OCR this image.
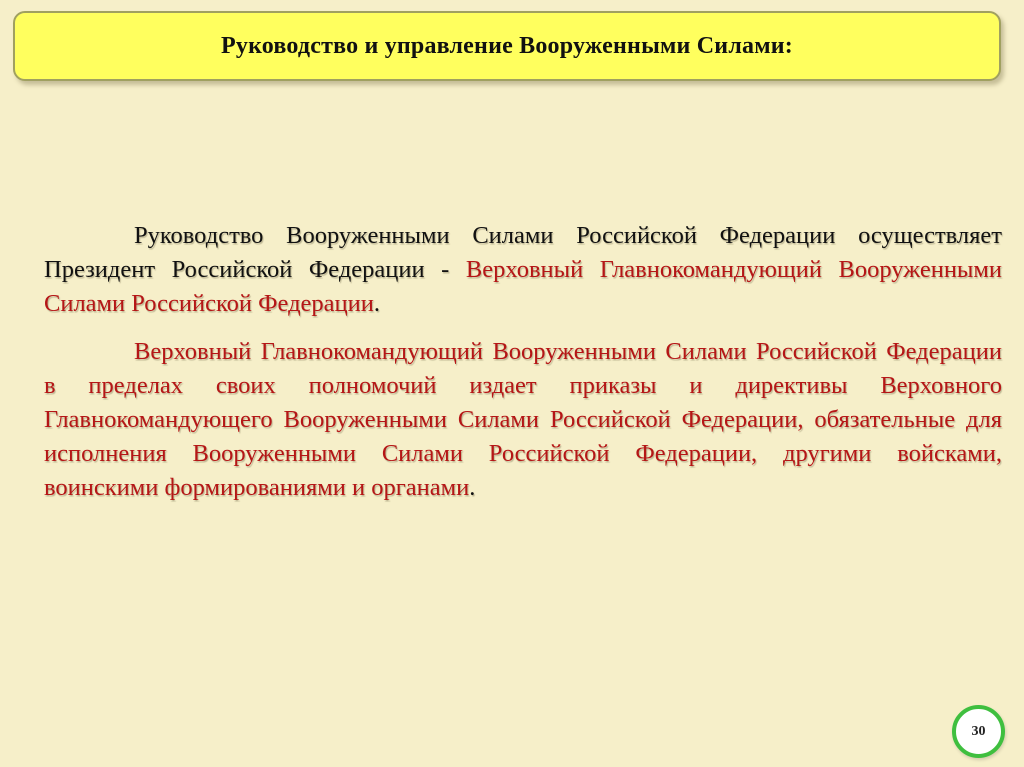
Руководство и управление Вооруженными Силами:

Руководство Вооруженными Силами Российской Федерации осуществляет Президент Российской Федерации - Верховный Главнокомандующий Вооруженными Силами Российской Федерации.

Верховный Главнокомандующий Вооруженными Силами Российской Федерации в пределах своих полномочий издает приказы и директивы Верховного Главнокомандующего Вооруженными Силами Российской Федерации, обязательные для исполнения Вооруженными Силами Российской Федерации, другими войсками, воинскими формированиями и органами.

30
